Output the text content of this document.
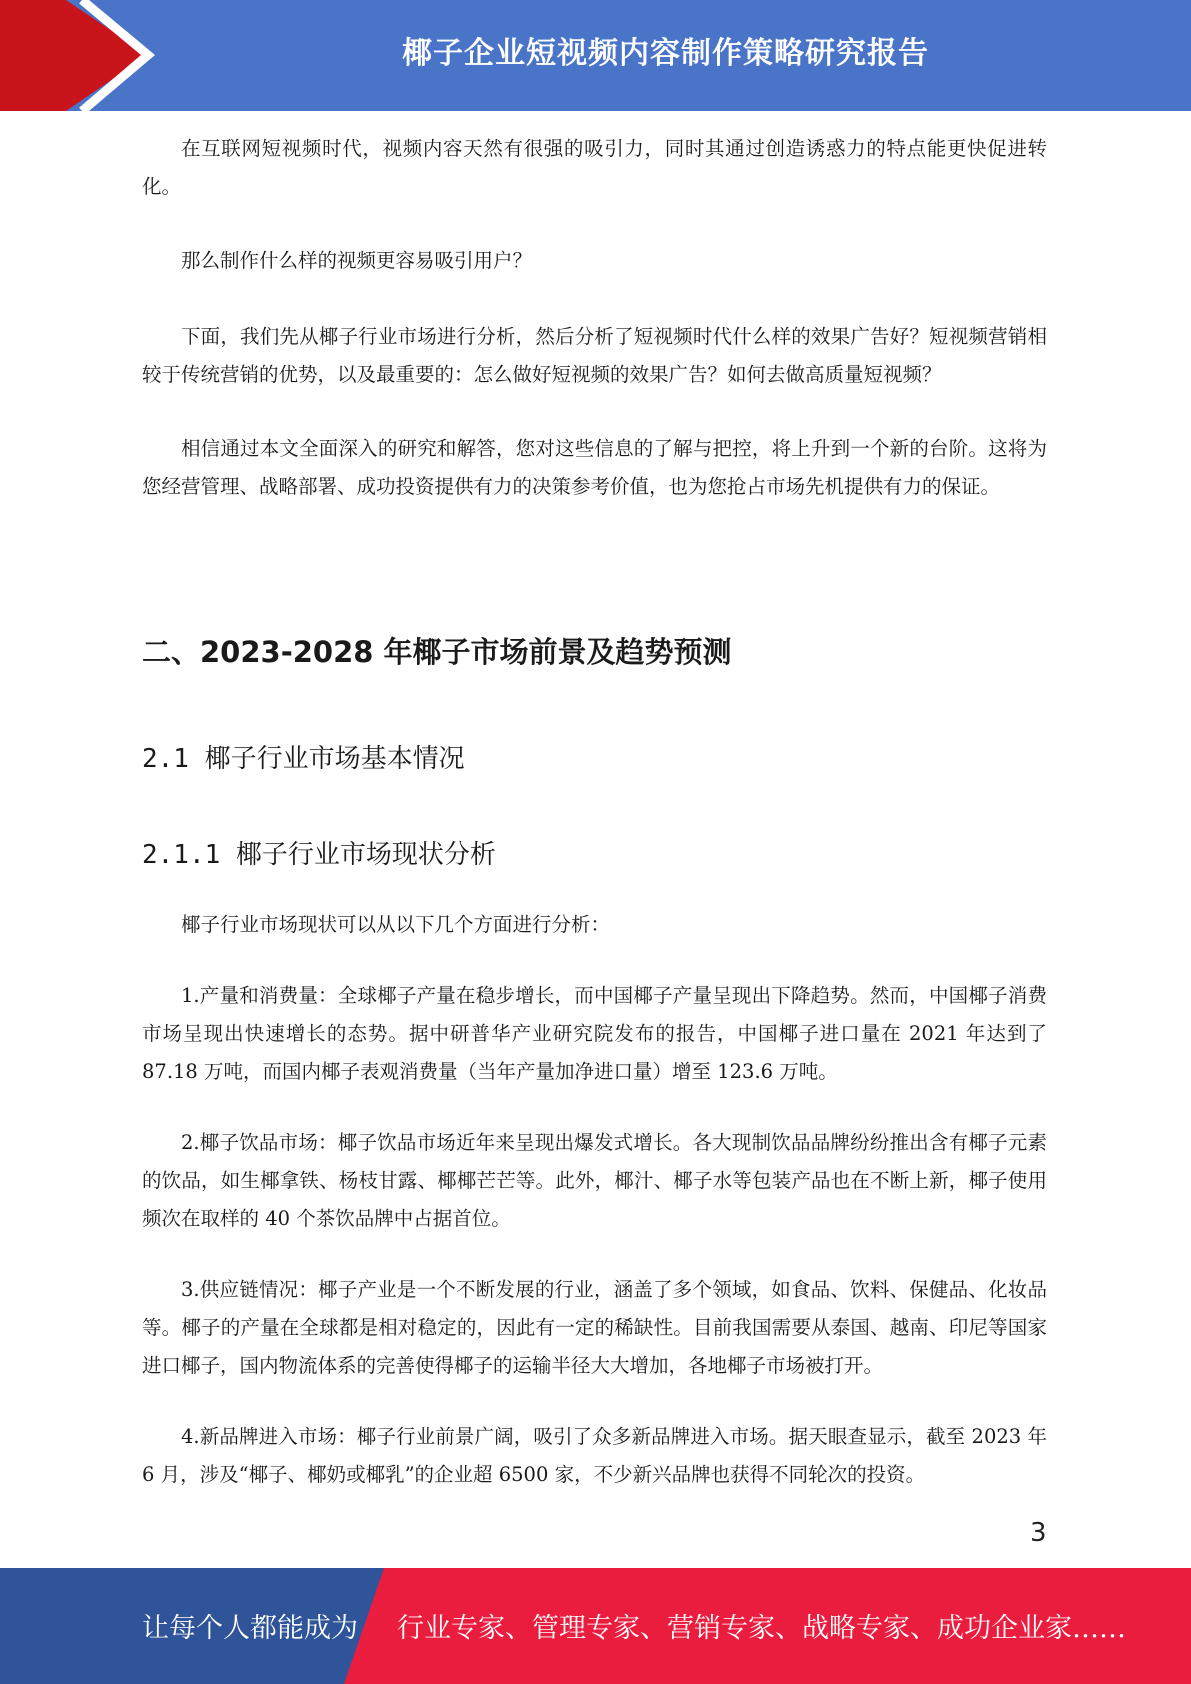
椰子企业短视频内容制作策略研究报告

在互联网短视频时代，视频内容天然有很强的吸引力，同时其通过创造诱惑力的特点能更快促进转化。

那么制作什么样的视频更容易吸引用户？

下面，我们先从椰子行业市场进行分析，然后分析了短视频时代什么样的效果广告好？短视频营销相较于传统营销的优势，以及最重要的：怎么做好短视频的效果广告？如何去做高质量短视频？

相信通过本文全面深入的研究和解答，您对这些信息的了解与把控，将上升到一个新的台阶。这将为您经营管理、战略部署、成功投资提供有力的决策参考价值，也为您抢占市场先机提供有力的保证。

二、2023-2028 年椰子市场前景及趋势预测
2.1 椰子行业市场基本情况
2.1.1 椰子行业市场现状分析

椰子行业市场现状可以从以下几个方面进行分析：

1.产量和消费量：全球椰子产量在稳步增长，而中国椰子产量呈现出下降趋势。然而，中国椰子消费市场呈现出快速增长的态势。据中研普华产业研究院发布的报告，中国椰子进口量在 2021 年达到了 87.18 万吨，而国内椰子表观消费量（当年产量加净进口量）增至 123.6 万吨。

2.椰子饮品市场：椰子饮品市场近年来呈现出爆发式增长。各大现制饮品品牌纷纷推出含有椰子元素的饮品，如生椰拿铁、杨枝甘露、椰椰芒芒等。此外，椰汁、椰子水等包装产品也在不断上新，椰子使用频次在取样的 40 个茶饮品牌中占据首位。

3.供应链情况：椰子产业是一个不断发展的行业，涵盖了多个领域，如食品、饮料、保健品、化妆品等。椰子的产量在全球都是相对稳定的，因此有一定的稀缺性。目前我国需要从泰国、越南、印尼等国家进口椰子，国内物流体系的完善使得椰子的运输半径大大增加，各地椰子市场被打开。

4.新品牌进入市场：椰子行业前景广阔，吸引了众多新品牌进入市场。据天眼查显示，截至 2023 年 6 月，涉及“椰子、椰奶或椰乳”的企业超 6500 家，不少新兴品牌也获得不同轮次的投资。

3
让每个人都能成为 行业专家、管理专家、营销专家、战略专家、成功企业家……
